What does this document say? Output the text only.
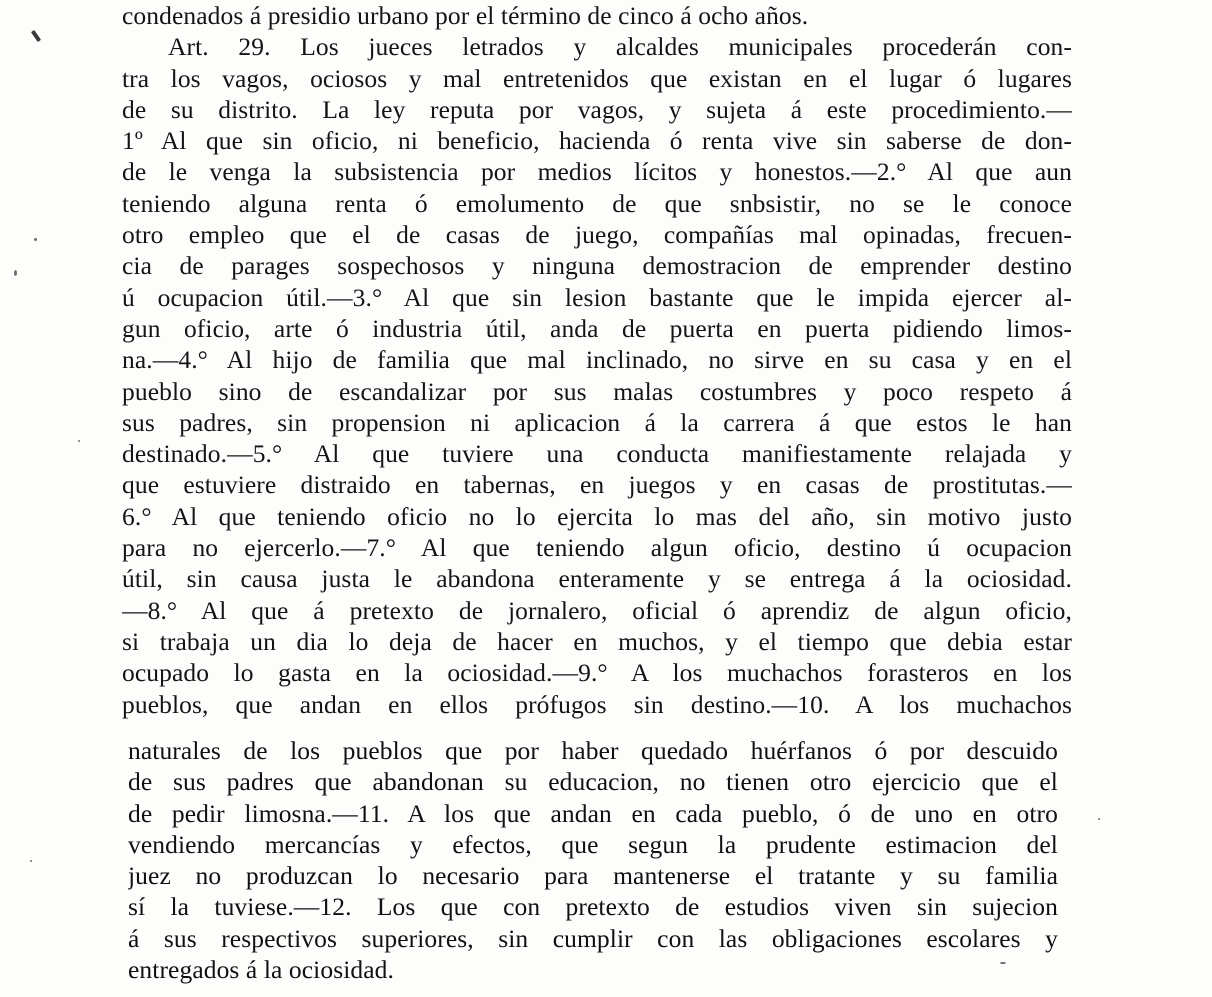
condenados á presidio urbano por el término de cinco á ocho años.
Art. 29. Los jueces letrados y alcaldes municipales procederán con-
tra los vagos, ociosos y mal entretenidos que existan en el lugar ó lugares
de su distrito. La ley reputa por vagos, y sujeta á este procedimiento.—
1º Al que sin oficio, ni beneficio, hacienda ó renta vive sin saberse de don-
de le venga la subsistencia por medios lícitos y honestos.—2.° Al que aun
teniendo alguna renta ó emolumento de que snbsistir, no se le conoce
otro empleo que el de casas de juego, compañías mal opinadas, frecuen-
cia de parages sospechosos y ninguna demostracion de emprender destino
ú ocupacion útil.—3.° Al que sin lesion bastante que le impida ejercer al-
gun oficio, arte ó industria útil, anda de puerta en puerta pidiendo limos-
na.—4.° Al hijo de familia que mal inclinado, no sirve en su casa y en el
pueblo sino de escandalizar por sus malas costumbres y poco respeto á
sus padres, sin propension ni aplicacion á la carrera á que estos le han
destinado.—5.° Al que tuviere una conducta manifiestamente relajada y
que estuviere distraido en tabernas, en juegos y en casas de prostitutas.—
6.° Al que teniendo oficio no lo ejercita lo mas del año, sin motivo justo
para no ejercerlo.—7.° Al que teniendo algun oficio, destino ú ocupacion
útil, sin causa justa le abandona enteramente y se entrega á la ociosidad.
—8.° Al que á pretexto de jornalero, oficial ó aprendiz de algun oficio,
si trabaja un dia lo deja de hacer en muchos, y el tiempo que debia estar
ocupado lo gasta en la ociosidad.—9.° A los muchachos forasteros en los
pueblos, que andan en ellos prófugos sin destino.—10. A los muchachos
naturales de los pueblos que por haber quedado huérfanos ó por descuido
de sus padres que abandonan su educacion, no tienen otro ejercicio que el
de pedir limosna.—11. A los que andan en cada pueblo, ó de uno en otro
vendiendo mercancías y efectos, que segun la prudente estimacion del
juez no produzcan lo necesario para mantenerse el tratante y su familia
sí la tuviese.—12. Los que con pretexto de estudios viven sin sujecion
á sus respectivos superiores, sin cumplir con las obligaciones escolares y
entregados á la ociosidad.
